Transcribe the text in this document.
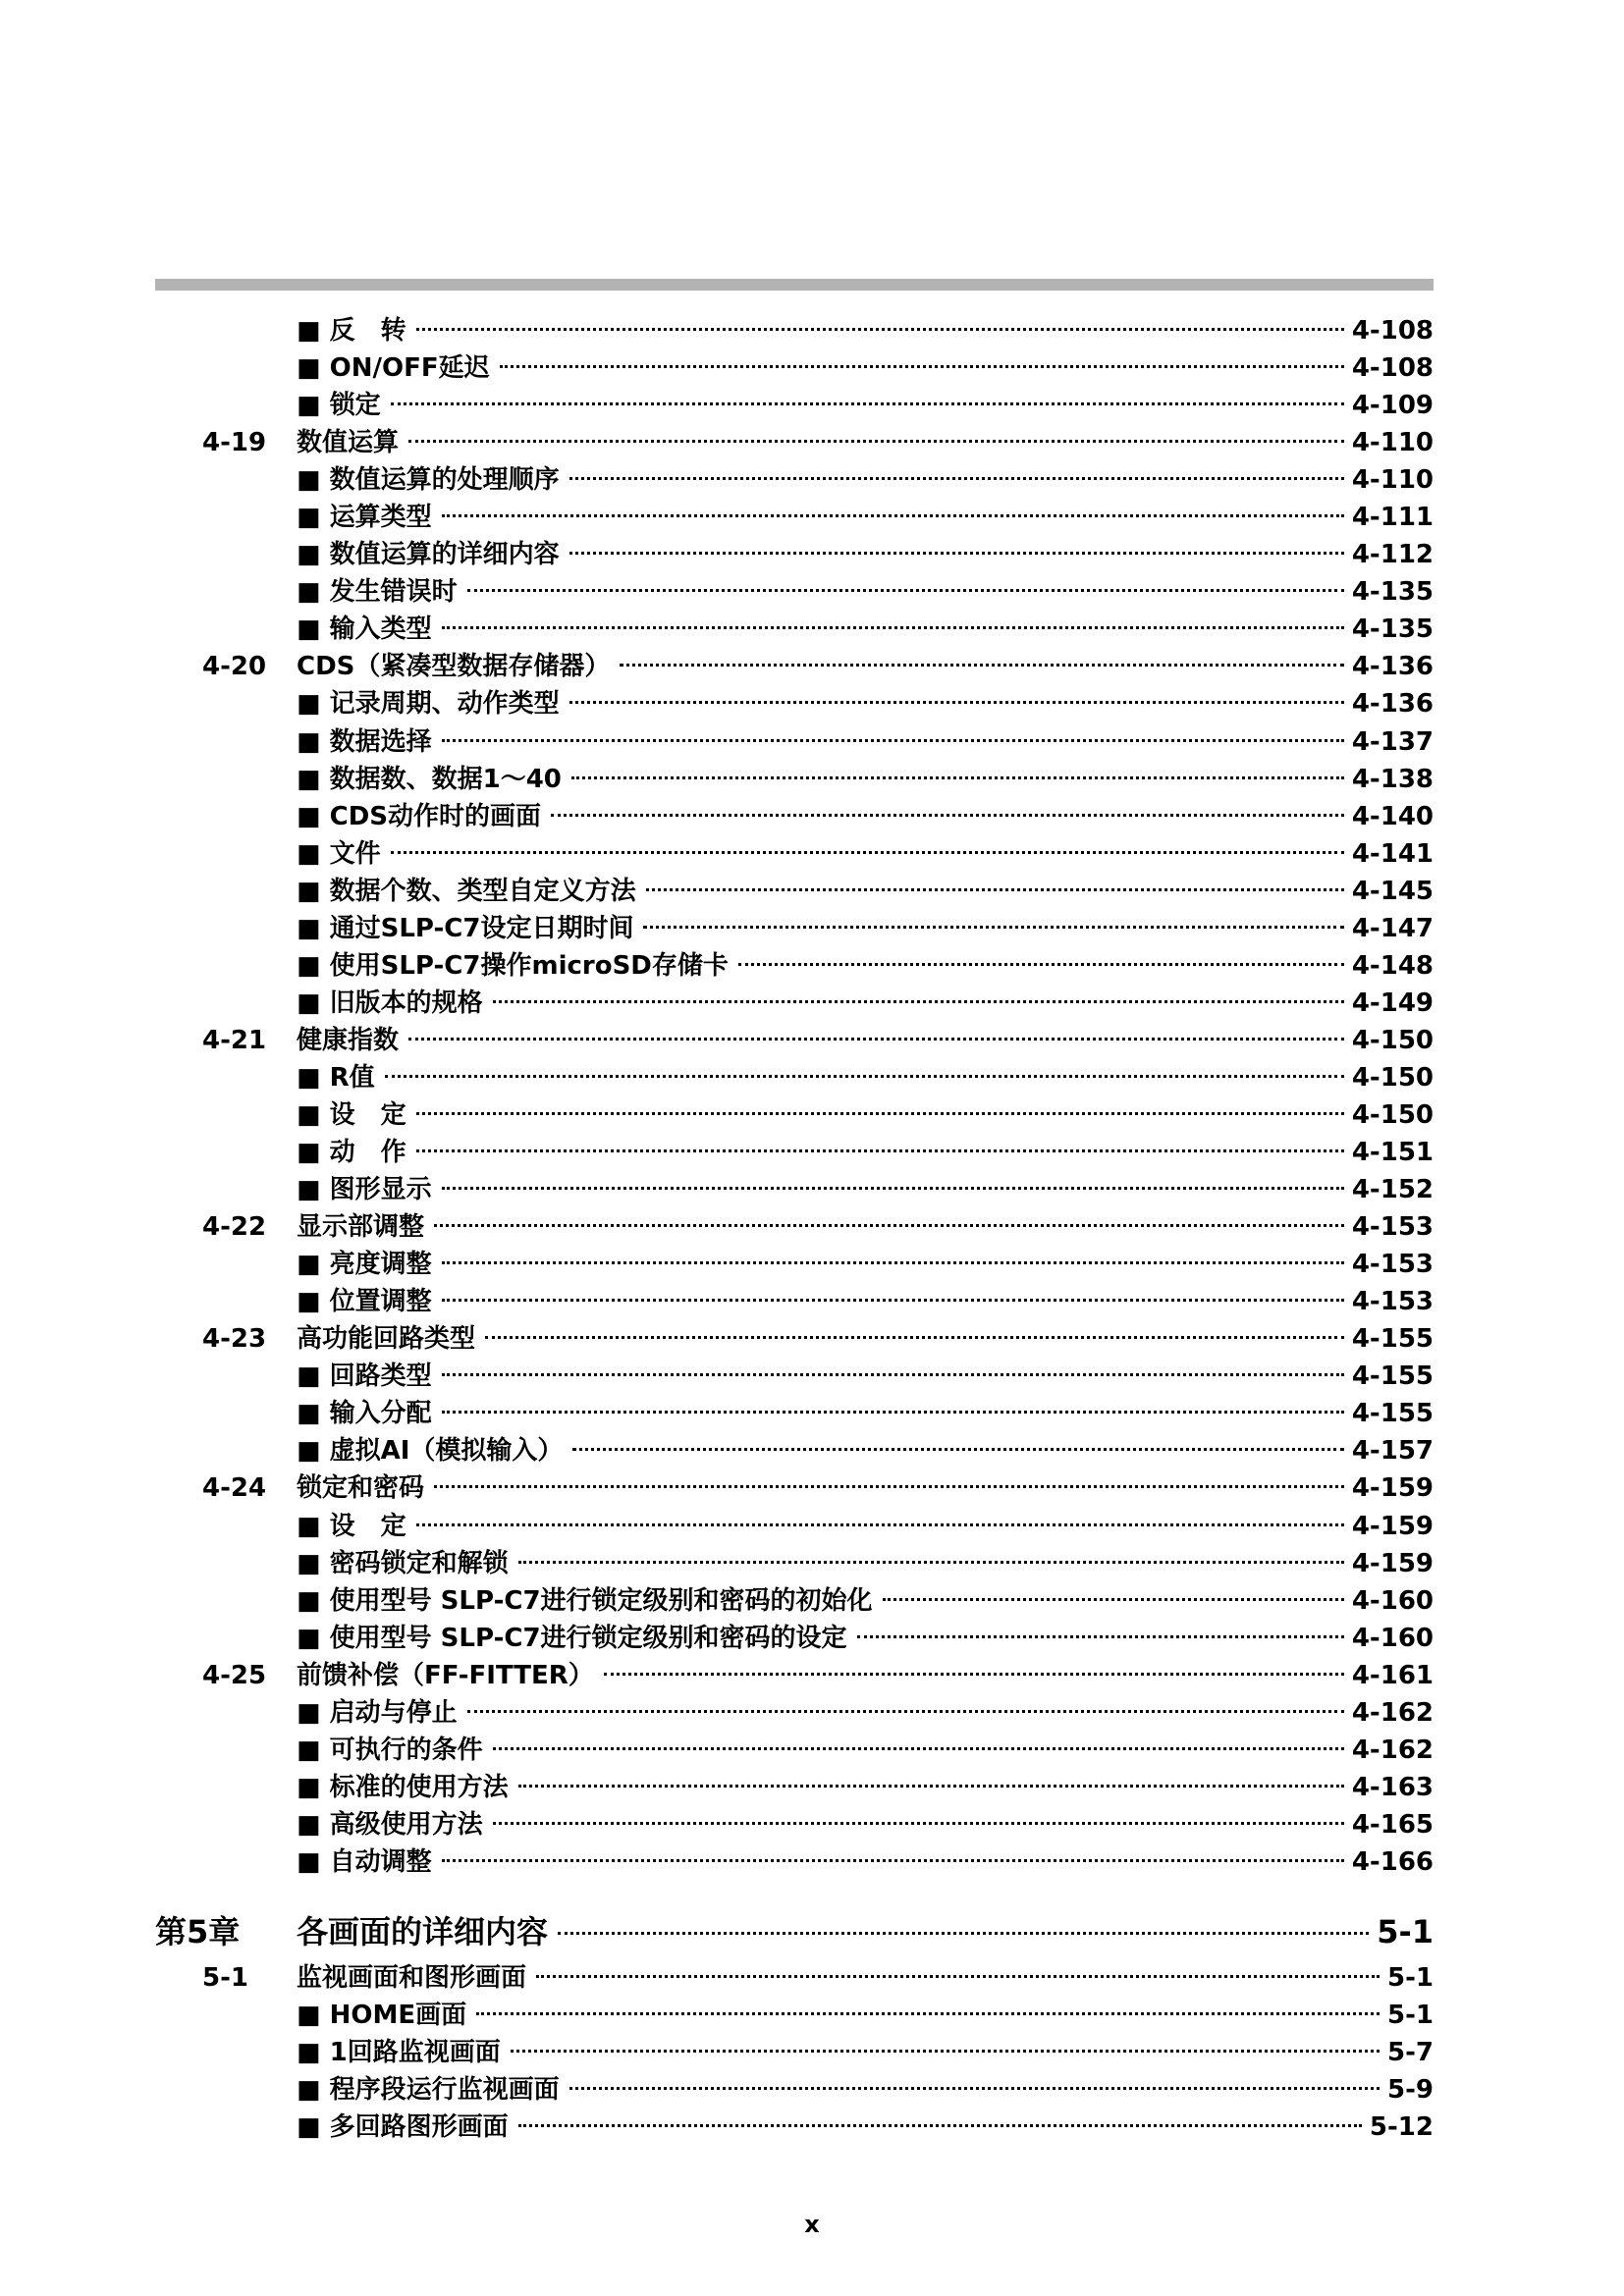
■ 反　转	4-108
■ ON/OFF延迟	4-108
■ 锁定	4-109
4-19	数值运算	4-110
■ 数值运算的处理顺序	4-110
■ 运算类型	4-111
■ 数值运算的详细内容	4-112
■ 发生错误时	4-135
■ 输入类型	4-135
4-20	CDS（紧凑型数据存储器）	4-136
■ 记录周期、动作类型	4-136
■ 数据选择	4-137
■ 数据数、数据1～40	4-138
■ CDS动作时的画面	4-140
■ 文件	4-141
■ 数据个数、类型自定义方法	4-145
■ 通过SLP-C7设定日期时间	4-147
■ 使用SLP-C7操作microSD存储卡	4-148
■ 旧版本的规格	4-149
4-21	健康指数	4-150
■ R值	4-150
■ 设　定	4-150
■ 动　作	4-151
■ 图形显示	4-152
4-22	显示部调整	4-153
■ 亮度调整	4-153
■ 位置调整	4-153
4-23	高功能回路类型	4-155
■ 回路类型	4-155
■ 输入分配	4-155
■ 虚拟AI（模拟输入）	4-157
4-24	锁定和密码	4-159
■ 设　定	4-159
■ 密码锁定和解锁	4-159
■ 使用型号 SLP-C7进行锁定级别和密码的初始化	4-160
■ 使用型号 SLP-C7进行锁定级别和密码的设定	4-160
4-25	前馈补偿（FF-FITTER）	4-161
■ 启动与停止	4-162
■ 可执行的条件	4-162
■ 标准的使用方法	4-163
■ 高级使用方法	4-165
■ 自动调整	4-166
第5章	各画面的详细内容	5-1
5-1	监视画面和图形画面	5-1
■ HOME画面	5-1
■ 1回路监视画面	5-7
■ 程序段运行监视画面	5-9
■ 多回路图形画面	5-12
x
